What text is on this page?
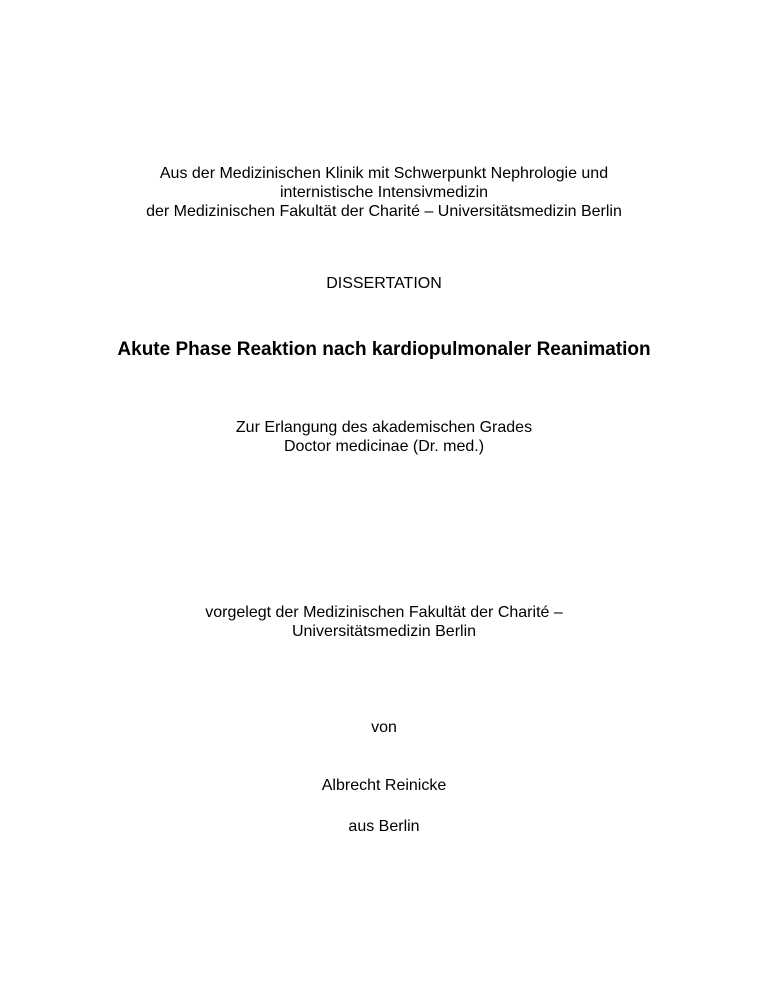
Aus der Medizinischen Klinik mit Schwerpunkt Nephrologie und
internistische Intensivmedizin
der Medizinischen Fakultät der Charité – Universitätsmedizin Berlin
DISSERTATION
Akute Phase Reaktion nach kardiopulmonaler Reanimation
Zur Erlangung des akademischen Grades
Doctor medicinae (Dr. med.)
vorgelegt der Medizinischen Fakultät der Charité –
Universitätsmedizin Berlin
von
Albrecht Reinicke
aus Berlin
